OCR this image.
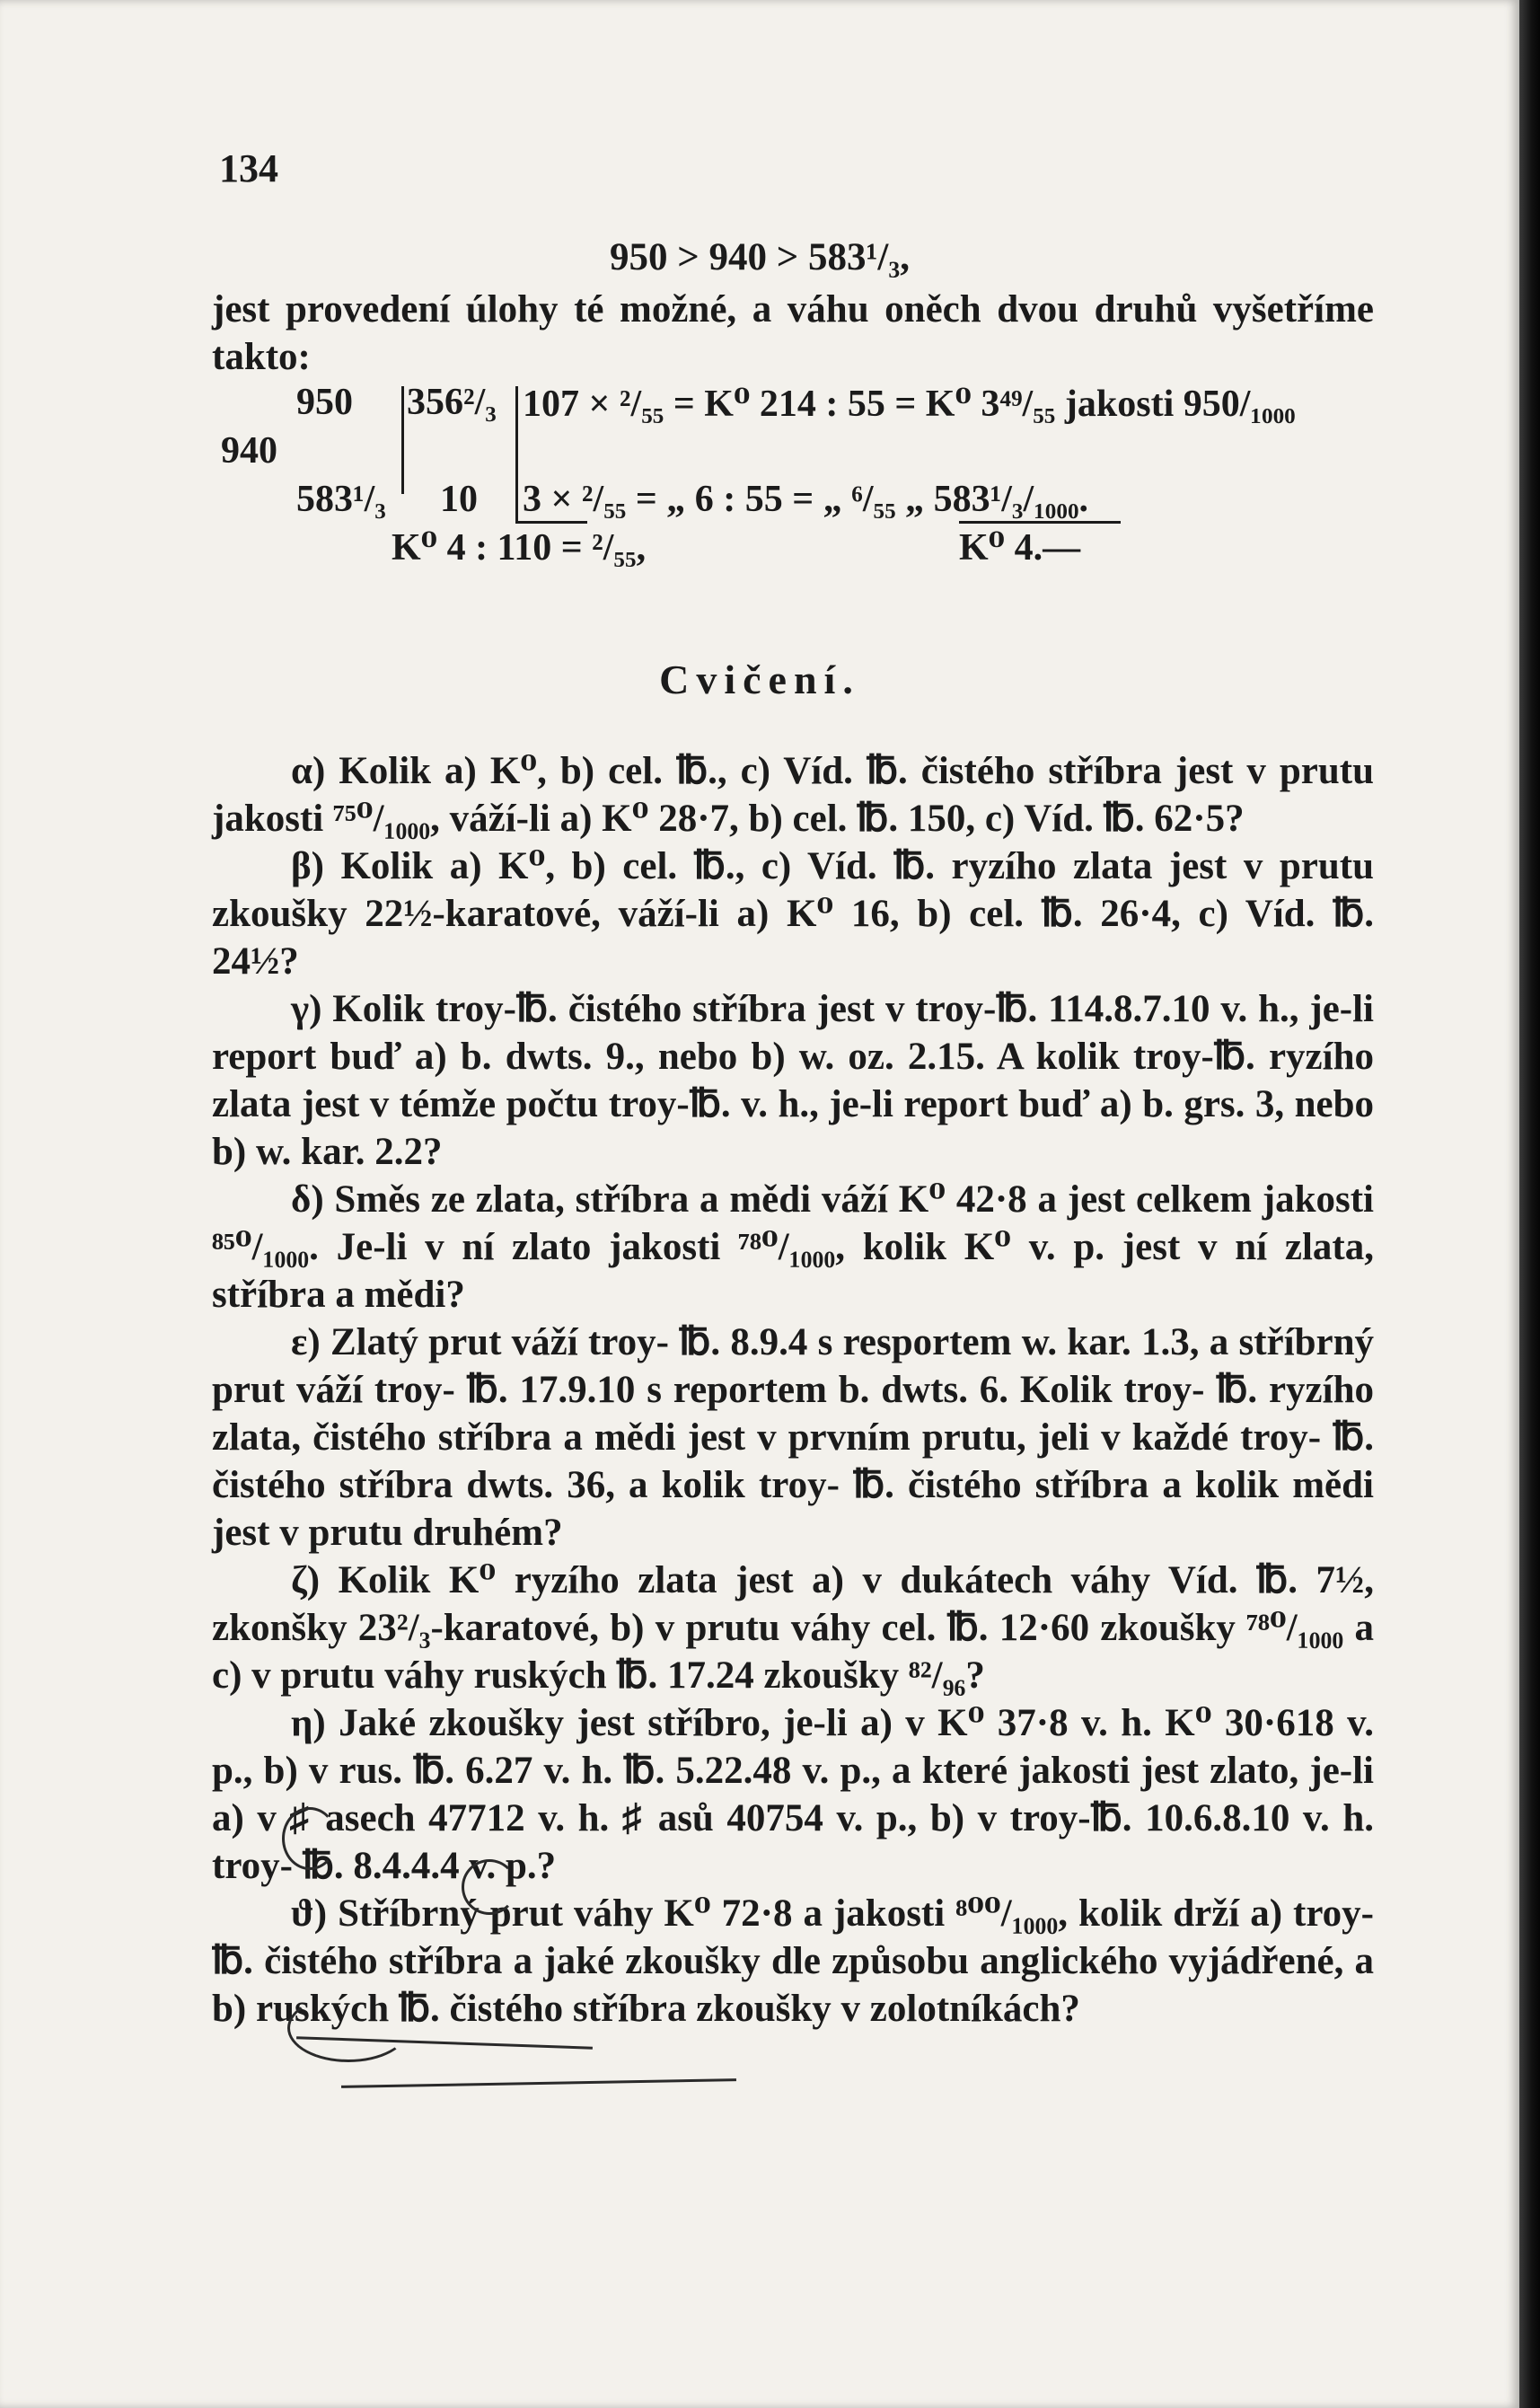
134
950 > 940 > 583¹/₃,

jest provedení úlohy té možné, a váhu oněch dvou druhů vyšetříme takto:

950 356²/₃ 107 × ²/₅₅ = K⁰ 214 : 55 = K⁰ 3⁴⁹/₅₅ jakosti 950/₁₀₀₀
940
583¹/₃ 10 3 × ²/₅₅ = „ 6 : 55 = „ ⁶/₅₅ „ 583¹/₃/₁₀₀₀.
K⁰ 4 : 110 = ²/₅₅,	K⁰ 4.—
Cvičení.

α) Kolik a) K⁰, b) cel. ℔., c) Víd. ℔. čistého stříbra jest v prutu jakosti ⁷⁵⁰/₁₀₀₀, váží-li a) K⁰ 28·7, b) cel. ℔. 150, c) Víd. ℔. 62·5?

β) Kolik a) K⁰, b) cel. ℔., c) Víd. ℔. ryzího zlata jest v prutu zkoušky 22½-karatové, váží-li a) K⁰ 16, b) cel. ℔. 26·4, c) Víd. ℔. 24½?

γ) Kolik troy-℔. čistého stříbra jest v troy-℔. 114.8.7.10 v. h., je-li report buď a) b. dwts. 9., nebo b) w. oz. 2.15. A kolik troy-℔. ryzího zlata jest v témže počtu troy-℔. v. h., je-li report buď a) b. grs. 3, nebo b) w. kar. 2.2?

δ) Směs ze zlata, stříbra a mědi váží K⁰ 42·8 a jest celkem jakosti ⁸⁵⁰/₁₀₀₀. Je-li v ní zlato jakosti ⁷⁸⁰/₁₀₀₀, kolik K⁰ v. p. jest v ní zlata, stříbra a mědi?

ε) Zlatý prut váží troy- ℔. 8.9.4 s resportem w. kar. 1.3, a stříbrný prut váží troy- ℔. 17.9.10 s reportem b. dwts. 6. Kolik troy- ℔. ryzího zlata, čistého stříbra a mědi jest v prvním prutu, jeli v každé troy- ℔. čistého stříbra dwts. 36, a kolik troy- ℔. čistého stříbra a kolik mědi jest v prutu druhém?

ζ) Kolik K⁰ ryzího zlata jest a) v dukátech váhy Víd. ℔. 7½, zkonšky 23²/₃-karatové, b) v prutu váhy cel. ℔. 12·60 zkoušky ⁷⁸⁰/₁₀₀₀ a c) v prutu váhy ruských ℔. 17.24 zkoušky ⁸²/₉₆?

η) Jaké zkoušky jest stříbro, je-li a) v K⁰ 37·8 v. h. K⁰ 30·618 v. p., b) v rus. ℔. 6.27 v. h. ℔. 5.22.48 v. p., a které jakosti jest zlato, je-li a) v ♯ asech 47712 v. h. ♯ asů 40754 v. p., b) v troy-℔. 10.6.8.10 v. h. troy- ℔. 8.4.4.4 v. p.?

ϑ) Stříbrný prut váhy K⁰ 72·8 a jakosti ⁸⁰⁰/₁₀₀₀, kolik drží a) troy-℔. čistého stříbra a jaké zkoušky dle způsobu anglického vyjádřené, a b) ruských ℔. čistého stříbra zkoušky v zolotníkách?
